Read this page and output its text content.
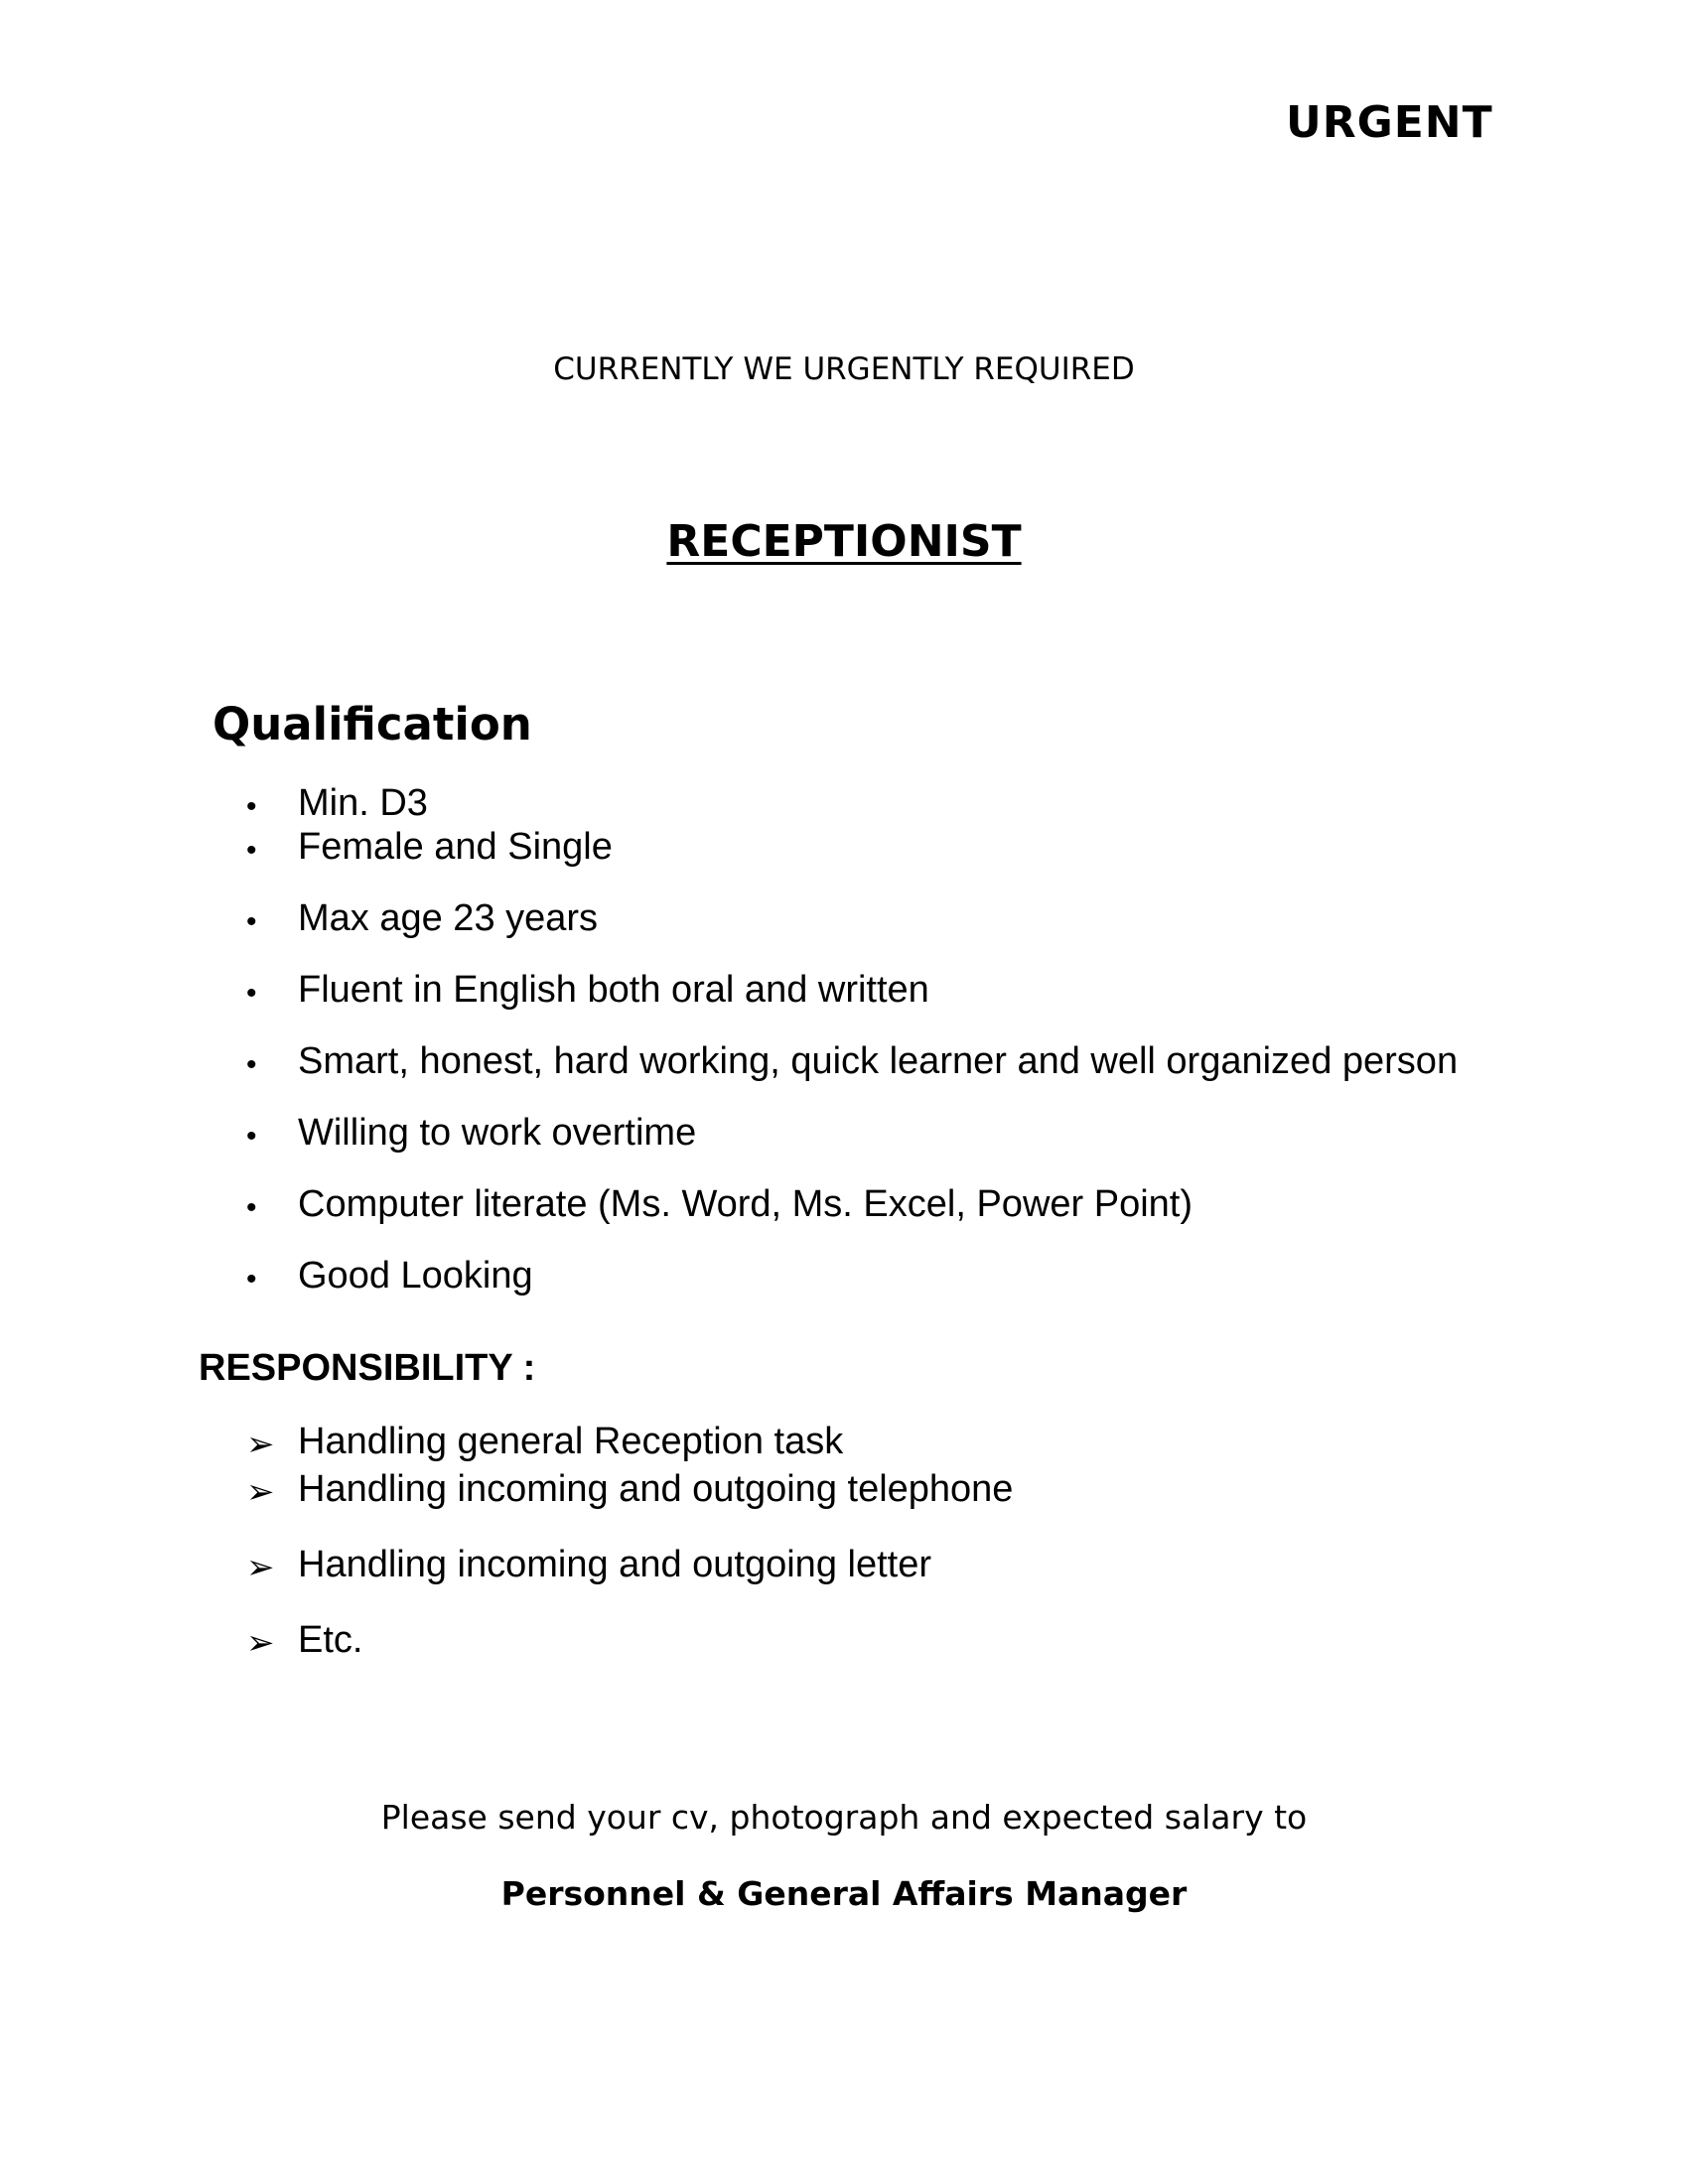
URGENT
CURRENTLY WE URGENTLY REQUIRED
RECEPTIONIST
Qualification
• Min. D3
• Female and Single
• Max age 23 years
• Fluent in English both oral and written
• Smart, honest, hard working, quick learner and well organized person
• Willing to work overtime
• Computer literate (Ms. Word, Ms. Excel, Power Point)
• Good Looking
RESPONSIBILITY :
➢ Handling general Reception task
➢ Handling incoming and outgoing telephone
➢ Handling incoming and outgoing letter
➢ Etc.
Please send your cv, photograph and expected salary to
Personnel & General Affairs Manager
